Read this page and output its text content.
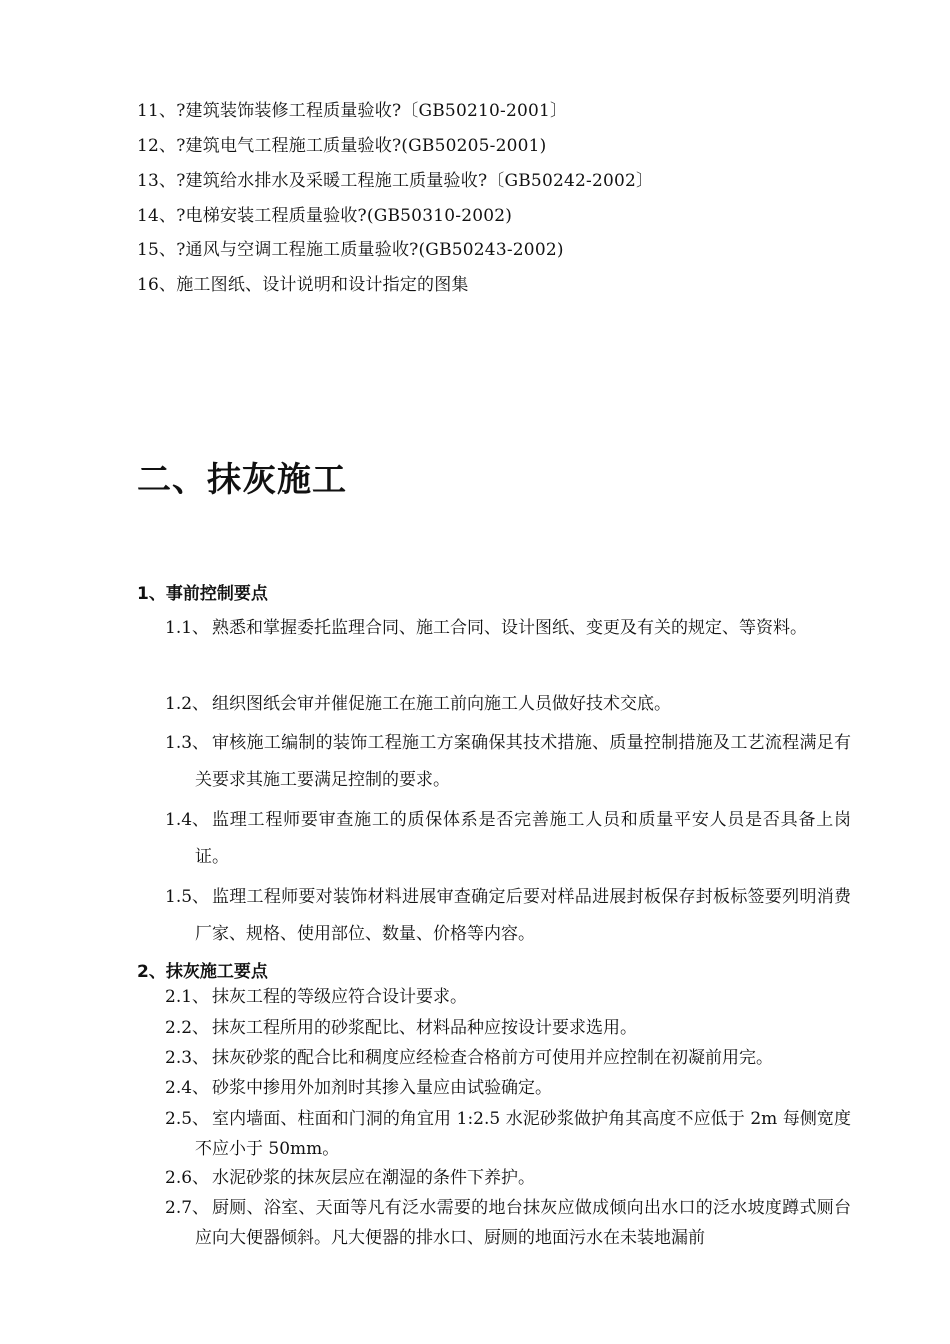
11、?建筑装饰装修工程质量验收?〔GB50210-2001〕
12、?建筑电气工程施工质量验收?(GB50205-2001)
13、?建筑给水排水及采暖工程施工质量验收?〔GB50242-2002〕
14、?电梯安装工程质量验收?(GB50310-2002)
15、?通风与空调工程施工质量验收?(GB50243-2002)
16、施工图纸、设计说明和设计指定的图集
二、抹灰施工
1、事前控制要点
1.1、 熟悉和掌握委托监理合同、施工合同、设计图纸、变更及有关的规定、等资料。
1.2、 组织图纸会审并催促施工在施工前向施工人员做好技术交底。
1.3、 审核施工编制的装饰工程施工方案确保其技术措施、质量控制措施及工艺流程满足有关要求其施工要满足控制的要求。
1.4、 监理工程师要审查施工的质保体系是否完善施工人员和质量平安人员是否具备上岗证。
1.5、 监理工程师要对装饰材料进展审查确定后要对样品进展封板保存封板标签要列明消费厂家、规格、使用部位、数量、价格等内容。
2、抹灰施工要点
2.1、 抹灰工程的等级应符合设计要求。
2.2、 抹灰工程所用的砂浆配比、材料品种应按设计要求选用。
2.3、 抹灰砂浆的配合比和稠度应经检查合格前方可使用并应控制在初凝前用完。
2.4、 砂浆中掺用外加剂时其掺入量应由试验确定。
2.5、 室内墙面、柱面和门洞的角宜用 1:2.5 水泥砂浆做护角其高度不应低于 2m 每侧宽度不应小于 50mm。
2.6、 水泥砂浆的抹灰层应在潮湿的条件下养护。
2.7、 厨厕、浴室、天面等凡有泛水需要的地台抹灰应做成倾向出水口的泛水坡度蹲式厕台应向大便器倾斜。凡大便器的排水口、厨厕的地面污水在未装地漏前
